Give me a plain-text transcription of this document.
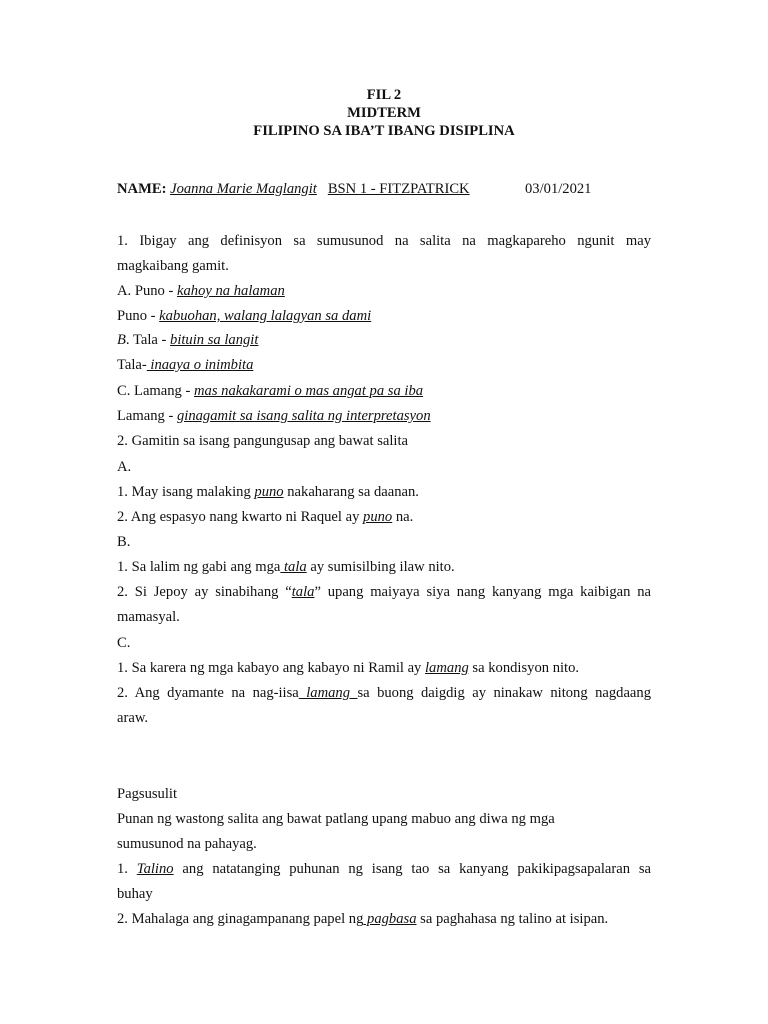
FIL 2
MIDTERM
FILIPINO SA IBA’T IBANG DISIPLINA
NAME: Joanna Marie Maglangit BSN 1 - FITZPATRICK	03/01/2021
1. Ibigay ang definisyon sa sumusunod na salita na magkapareho ngunit may
magkaibang gamit.
A. Puno - kahoy na halaman
Puno - kabuohan, walang lalagyan sa dami
B. Tala - bituin sa langit
Tala- inaaya o inimbita
C. Lamang - mas nakakarami o mas angat pa sa iba
Lamang - ginagamit sa isang salita ng interpretasyon
2. Gamitin sa isang pangungusap ang bawat salita
A.
1. May isang malaking puno nakaharang sa daanan.
2. Ang espasyo nang kwarto ni Raquel ay puno na.
B.
1. Sa lalim ng gabi ang mga tala ay sumisilbing ilaw nito.
2. Si Jepoy ay sinabihang “tala” upang maiyaya siya nang kanyang mga kaibigan na
mamasyal.
C.
1. Sa karera ng mga kabayo ang kabayo ni Ramil ay lamang sa kondisyon nito.
2. Ang dyamante na nag-iisa lamang sa buong daigdig ay ninakaw nitong nagdaang
araw.
Pagsusulit
Punan ng wastong salita ang bawat patlang upang mabuo ang diwa ng mga
sumusunod na pahayag.
1. Talino ang natatanging puhunan ng isang tao sa kanyang pakikipagsapalaran sa
buhay
2. Mahalaga ang ginagampanang papel ng pagbasa sa paghahasa ng talino at isipan.
